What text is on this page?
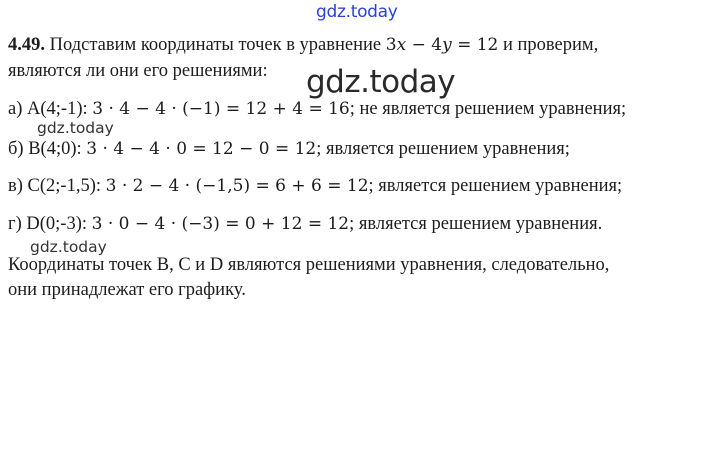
gdz.today
gdz.today
gdz.today
gdz.today
4.49. Подставим координаты точек в уравнение 3x − 4y = 12 и проверим,
являются ли они его решениями:
а) A(4;-1): 3 · 4 − 4 · (−1) = 12 + 4 = 16; не является решением уравнения;
б) B(4;0): 3 · 4 − 4 · 0 = 12 − 0 = 12; является решением уравнения;
в) C(2;-1,5): 3 · 2 − 4 · (−1,5) = 6 + 6 = 12; является решением уравнения;
г) D(0;-3): 3 · 0 − 4 · (−3) = 0 + 12 = 12; является решением уравнения.
Координаты точек B, C и D являются решениями уравнения, следовательно,
они принадлежат его графику.
